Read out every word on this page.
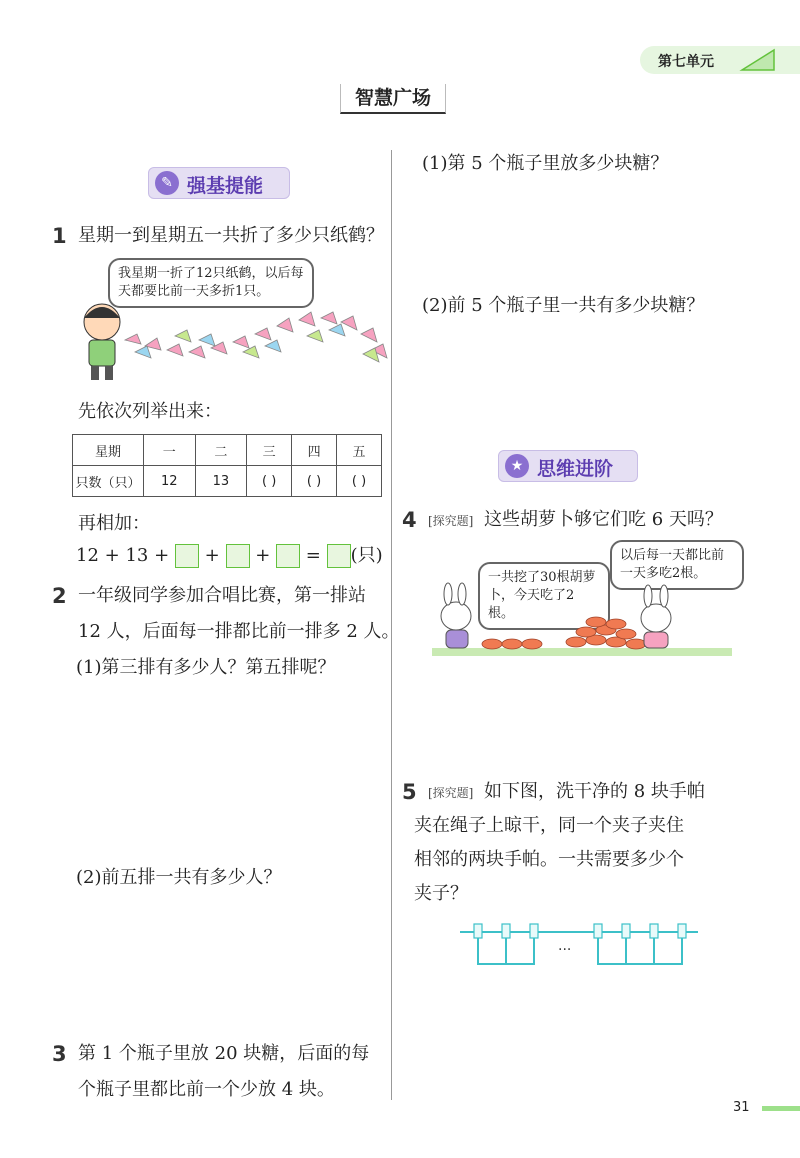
第七单元
智慧广场
✎ 强基提能
1 星期一到星期五一共折了多少只纸鹤？
我星期一折了12只纸鹤，以后每天都要比前一天多折1只。
先依次列举出来：
星期	一	二	三	四	五
只数（只）	12	13	( )	( )	( )
再相加：
12 + 13 + + + = (只)
2 一年级同学参加合唱比赛，第一排站
12 人，后面每一排都比前一排多 2 人。
(1)第三排有多少人？第五排呢？
(2)前五排一共有多少人？
3 第 1 个瓶子里放 20 块糖，后面的每
个瓶子里都比前一个少放 4 块。
(1)第 5 个瓶子里放多少块糖？
(2)前 5 个瓶子里一共有多少块糖？
★ 思维进阶
4 [探究题] 这些胡萝卜够它们吃 6 天吗？
一共挖了30根胡萝卜，今天吃了2根。
以后每一天都比前一天多吃2根。
5 [探究题] 如下图，洗干净的 8 块手帕
夹在绳子上晾干，同一个夹子夹住
相邻的两块手帕。一共需要多少个
夹子？
...
31
